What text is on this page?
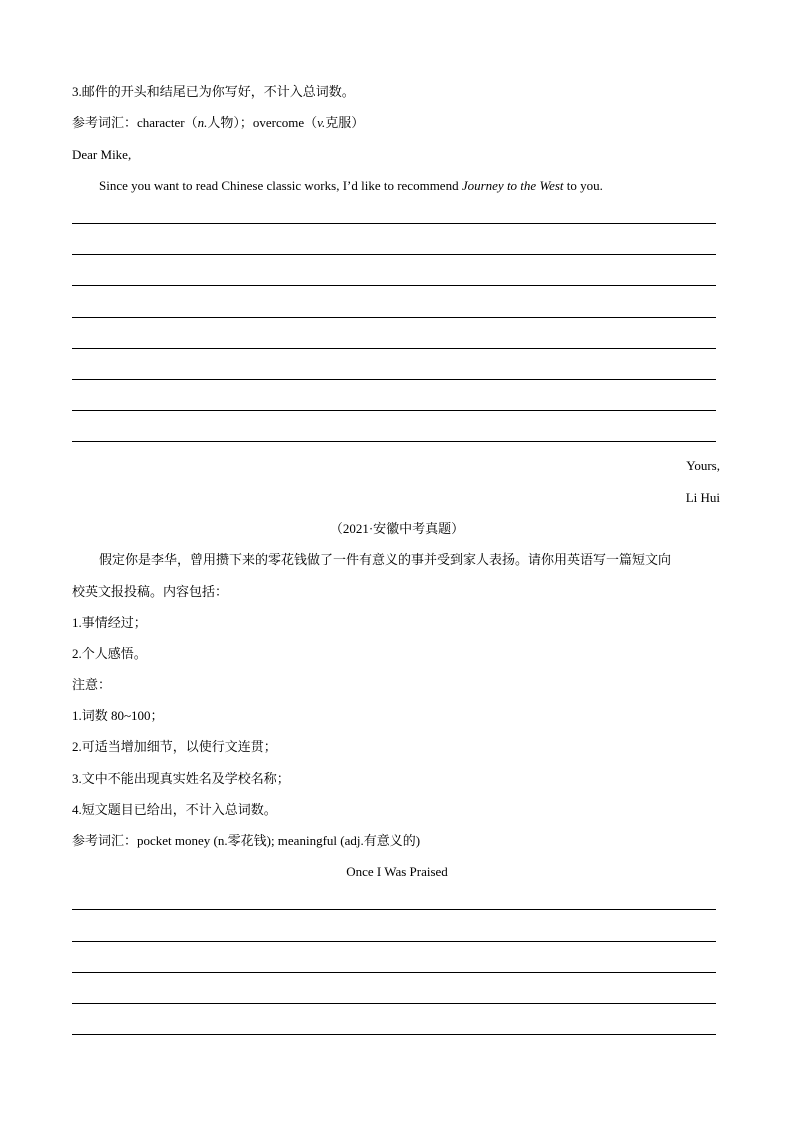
3.邮件的开头和结尾已为你写好，不计入总词数。
参考词汇：character（n.人物）；overcome（v.克服）
Dear Mike,
Since you want to read Chinese classic works, I’d like to recommend Journey to the West to you.
Yours,
Li Hui
（2021·安徽中考真题）
假定你是李华，曾用攒下来的零花钱做了一件有意义的事并受到家人表扬。请你用英语写一篇短文向
校英文报投稿。内容包括：
1.事情经过；
2.个人感悟。
注意：
1.词数 80~100；
2.可适当增加细节，以使行文连贯；
3.文中不能出现真实姓名及学校名称；
4.短文题目已给出，不计入总词数。
参考词汇：pocket money (n.零花钱); meaningful (adj.有意义的)
Once I Was Praised
